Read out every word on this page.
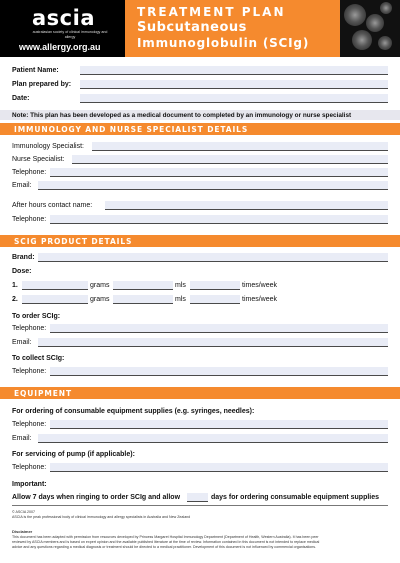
ascia
australasian society of clinical immunology and allergy
www.allergy.org.au
TREATMENT PLAN
Subcutaneous
Immunoglobulin (SCIg)
Patient Name:
Plan prepared by:
Date:
Note: This plan has been developed as a medical document to completed by an immunology or nurse specialist
IMMUNOLOGY AND NURSE SPECIALIST DETAILS
Immunology Specialist:
Nurse Specialist:
Telephone:
Email:
After hours contact name:
Telephone:
SCIG PRODUCT DETAILS
Brand:
Dose:
1.	grams	mls	times/week
2.	grams	mls	times/week
To order SCIg:
Telephone:
Email:
To collect SCIg:
Telephone:
EQUIPMENT
For ordering of consumable equipment supplies (e.g. syringes, needles):
Telephone:
Email:
For servicing of pump (if applicable):
Telephone:
Important:
Allow 7 days when ringing to order SCIg and allow	days for ordering consumable equipment supplies
© ASCIA 2007
ASCIA is the peak professional body of clinical immunology and allergy specialists in Australia and New Zealand
Disclaimer
This document has been adapted with permission from resources developed by Princess Margaret Hospital Immunology Department (Department of Health, Western Australia). It has been peer
reviewed by ASCIA members and is based on expert opinion and the available published literature at the time of review. Information contained in this document is not intended to replace medical
advice and any questions regarding a medical diagnosis or treatment should be directed to a medical practitioner. Development of this document is not influenced by commercial organisations.
